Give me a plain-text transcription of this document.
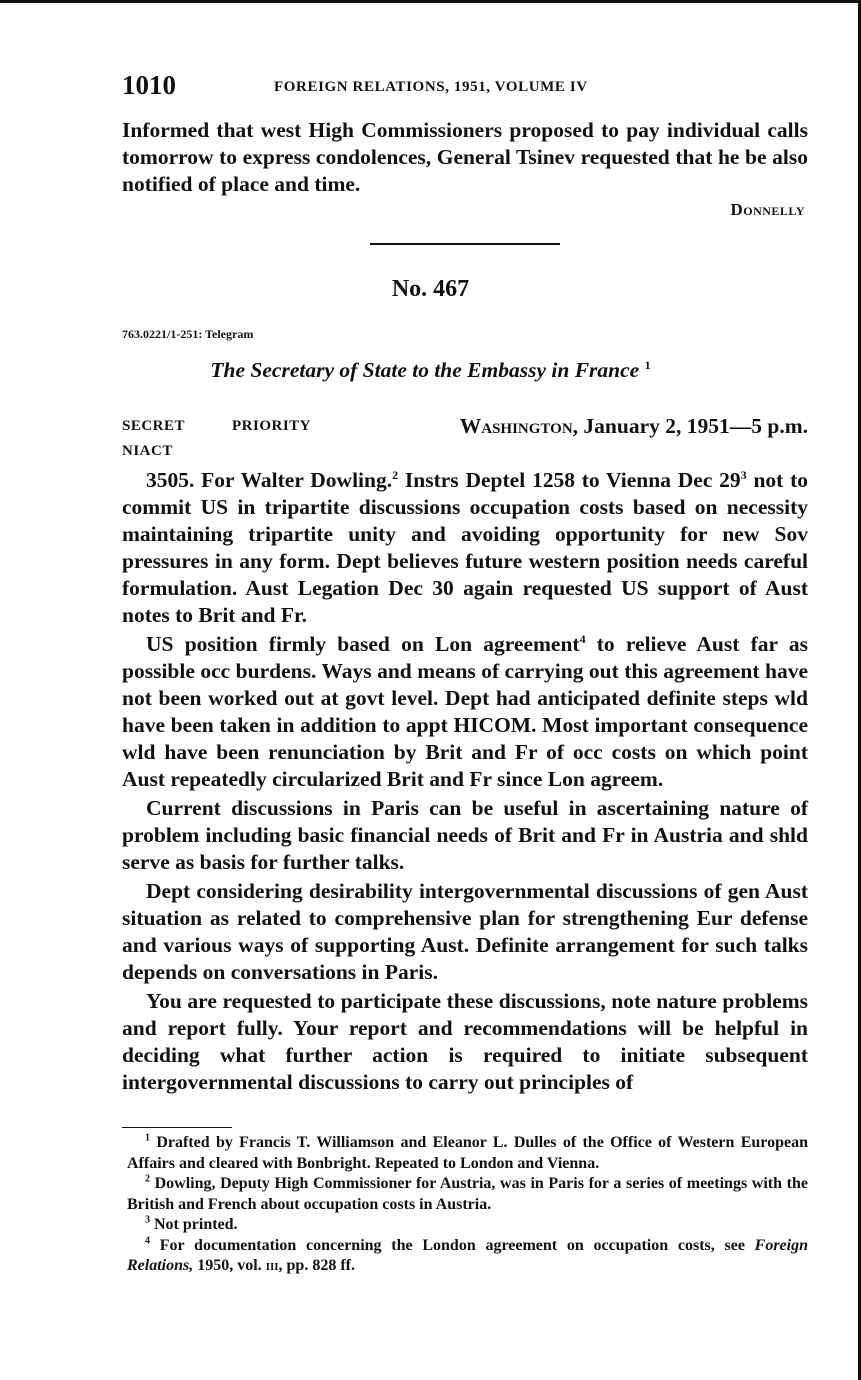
1010	FOREIGN RELATIONS, 1951, VOLUME IV
Informed that west High Commissioners proposed to pay individual calls tomorrow to express condolences, General Tsinev requested that he be also notified of place and time.
Donnelly
No. 467
763.0221/1-251: Telegram
The Secretary of State to the Embassy in France $^1$
SECRET	PRIORITY
NIACT
Washington, January 2, 1951—5 p.m.
3505. For Walter Dowling.$^2$ Instrs Deptel 1258 to Vienna Dec $29^3$ not to commit US in tripartite discussions occupation costs based on necessity maintaining tripartite unity and avoiding opportunity for new Sov pressures in any form. Dept believes future western position needs careful formulation. Aust Legation Dec 30 again requested US support of Aust notes to Brit and Fr.
US position firmly based on Lon agreement$^4$ to relieve Aust far as possible occ burdens. Ways and means of carrying out this agreement have not been worked out at govt level. Dept had anticipated definite steps wld have been taken in addition to appt HICOM. Most important consequence wld have been renunciation by Brit and Fr of occ costs on which point Aust repeatedly circularized Brit and Fr since Lon agreem.
Current discussions in Paris can be useful in ascertaining nature of problem including basic financial needs of Brit and Fr in Austria and shld serve as basis for further talks.
Dept considering desirability intergovernmental discussions of gen Aust situation as related to comprehensive plan for strengthening Eur defense and various ways of supporting Aust. Definite arrangement for such talks depends on conversations in Paris.
You are requested to participate these discussions, note nature problems and report fully. Your report and recommendations will be helpful in deciding what further action is required to initiate subsequent intergovernmental discussions to carry out principles of

$^1$ Drafted by Francis T. Williamson and Eleanor L. Dulles of the Office of Western European Affairs and cleared with Bonbright. Repeated to London and Vienna.

$^2$ Dowling, Deputy High Commissioner for Austria, was in Paris for a series of meetings with the British and French about occupation costs in Austria.

$^3$ Not printed.

$^4$ For documentation concerning the London agreement on occupation costs, see Foreign Relations, 1950, vol. iii, pp. 828 ff.
